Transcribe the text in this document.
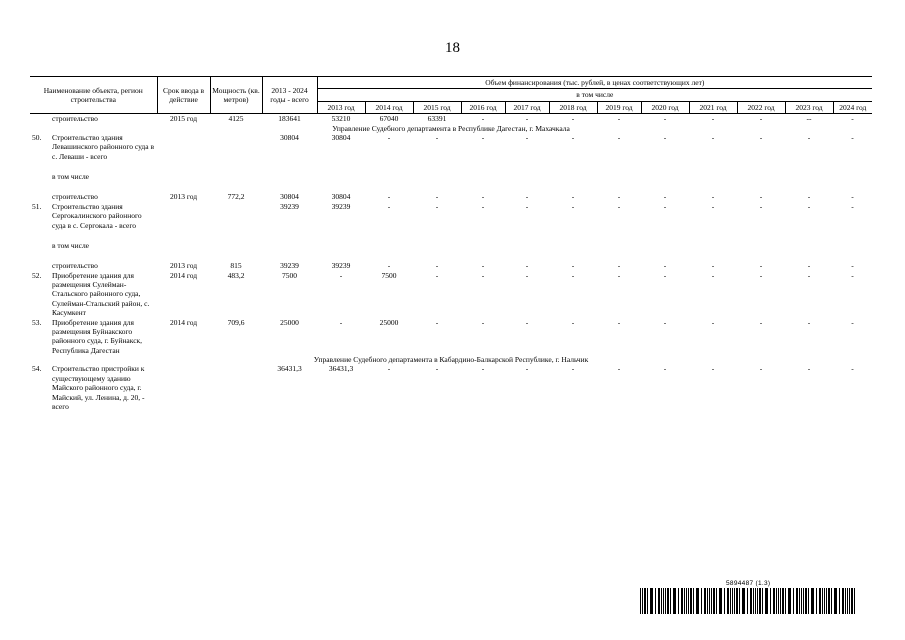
18
Наименование объекта, регион строительства		Срок ввода в действие	Мощность (кв. метров)	2013 - 2024 годы - всего	Объем финансирования (тыс. рублей, в ценах соответствующих лет)											
					в том числе											
					2013 год	2014 год	2015 год	2016 год	2017 год	2018 год	2019 год	2020 год	2021 год	2022 год	2023 год	2024 год
	строительство	2015 год	4125	183641	53210	67040	63391	-	-	-	-	-	-	-	--	-
Управление Судебного департамента в Республике Дагестан, г. Махачкала																
50.	Строительство здания Левашинского районного суда в с. Леваши - всего			30804	30804	-	-	-	-	-	-	-	-	-	-	-

	в том числе															

	строительство	2013 год	772,2	30804	30804	-	-	-	-	-	-	-	-	-	-	-
51.	Строительство здания Сергокалинского районного суда в с. Сергокала - всего			39239	39239	-	-	-	-	-	-	-	-	-	-	-

	в том числе															

	строительство	2013 год	815	39239	39239	-	-	-	-	-	-	-	-	-	-	-
52.	Приобретение здания для размещения Сулейман-Стальского районного суда, Сулейман-Стальский район, с. Касумкент	2014 год	483,2	7500	-	7500	-	-	-	-	-	-	-	-	-	-
53.	Приобретение здания для размещения Буйнакского районного суда, г. Буйнакск, Республика Дагестан	2014 год	709,6	25000	-	25000	-	-	-	-	-	-	-	-	-	-
Управление Судебного департамента в Кабардино-Балкарской Республике, г. Нальчик																
54.	Строительство пристройки к существующему зданию Майского районного суда, г. Майский, ул. Ленина, д. 20, - всего			36431,3	36431,3	-	-	-	-	-	-	-	-	-	-	-
5894487 (1.3)
